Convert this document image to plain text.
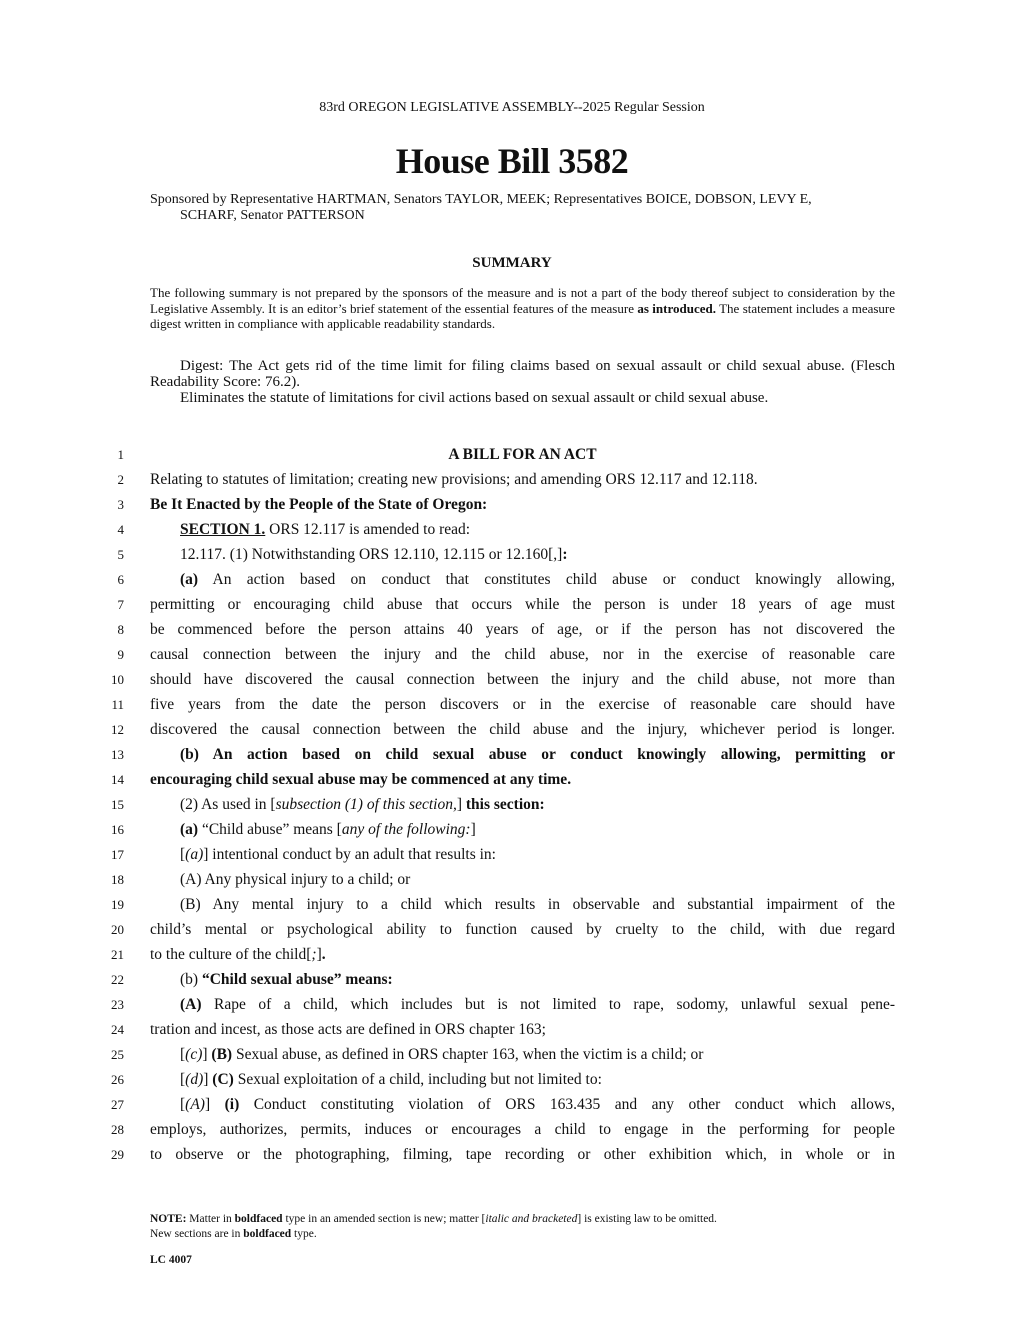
83rd OREGON LEGISLATIVE ASSEMBLY--2025 Regular Session
House Bill 3582
Sponsored by Representative HARTMAN, Senators TAYLOR, MEEK; Representatives BOICE, DOBSON, LEVY E,
SCHARF, Senator PATTERSON
SUMMARY
The following summary is not prepared by the sponsors of the measure and is not a part of the body thereof subject to consideration by the Legislative Assembly. It is an editor’s brief statement of the essential features of the measure as introduced. The statement includes a measure digest written in compliance with applicable readability standards.

Digest: The Act gets rid of the time limit for filing claims based on sexual assault or child sexual abuse. (Flesch Readability Score: 76.2).

Eliminates the statute of limitations for civil actions based on sexual assault or child sexual abuse.

1
2
3
4
5
6
7
8
9
10
11
12
13
14
15
16
17
18
19
20
21
22
23
24
25
26
27
28
29
A BILL FOR AN ACT
Relating to statutes of limitation; creating new provisions; and amending ORS 12.117 and 12.118.
Be It Enacted by the People of the State of Oregon:
SECTION 1. ORS 12.117 is amended to read:
12.117. (1) Notwithstanding ORS 12.110, 12.115 or 12.160[,]:
(a) An action based on conduct that constitutes child abuse or conduct knowingly allowing,
permitting or encouraging child abuse that occurs while the person is under 18 years of age must
be commenced before the person attains 40 years of age, or if the person has not discovered the
causal connection between the injury and the child abuse, nor in the exercise of reasonable care
should have discovered the causal connection between the injury and the child abuse, not more than
five years from the date the person discovers or in the exercise of reasonable care should have
discovered the causal connection between the child abuse and the injury, whichever period is longer.
(b) An action based on child sexual abuse or conduct knowingly allowing, permitting or
encouraging child sexual abuse may be commenced at any time.
(2) As used in [subsection (1) of this section,] this section:
(a) “Child abuse” means [any of the following:]
[(a)] intentional conduct by an adult that results in:
(A) Any physical injury to a child; or
(B) Any mental injury to a child which results in observable and substantial impairment of the
child’s mental or psychological ability to function caused by cruelty to the child, with due regard
to the culture of the child[;].
(b) “Child sexual abuse” means:
(A) Rape of a child, which includes but is not limited to rape, sodomy, unlawful sexual pene-
tration and incest, as those acts are defined in ORS chapter 163;
[(c)] (B) Sexual abuse, as defined in ORS chapter 163, when the victim is a child; or
[(d)] (C) Sexual exploitation of a child, including but not limited to:
[(A)] (i) Conduct constituting violation of ORS 163.435 and any other conduct which allows,
employs, authorizes, permits, induces or encourages a child to engage in the performing for people
to observe or the photographing, filming, tape recording or other exhibition which, in whole or in
NOTE: Matter in boldfaced type in an amended section is new; matter [italic and bracketed] is existing law to be omitted.
New sections are in boldfaced type.
LC 4007
